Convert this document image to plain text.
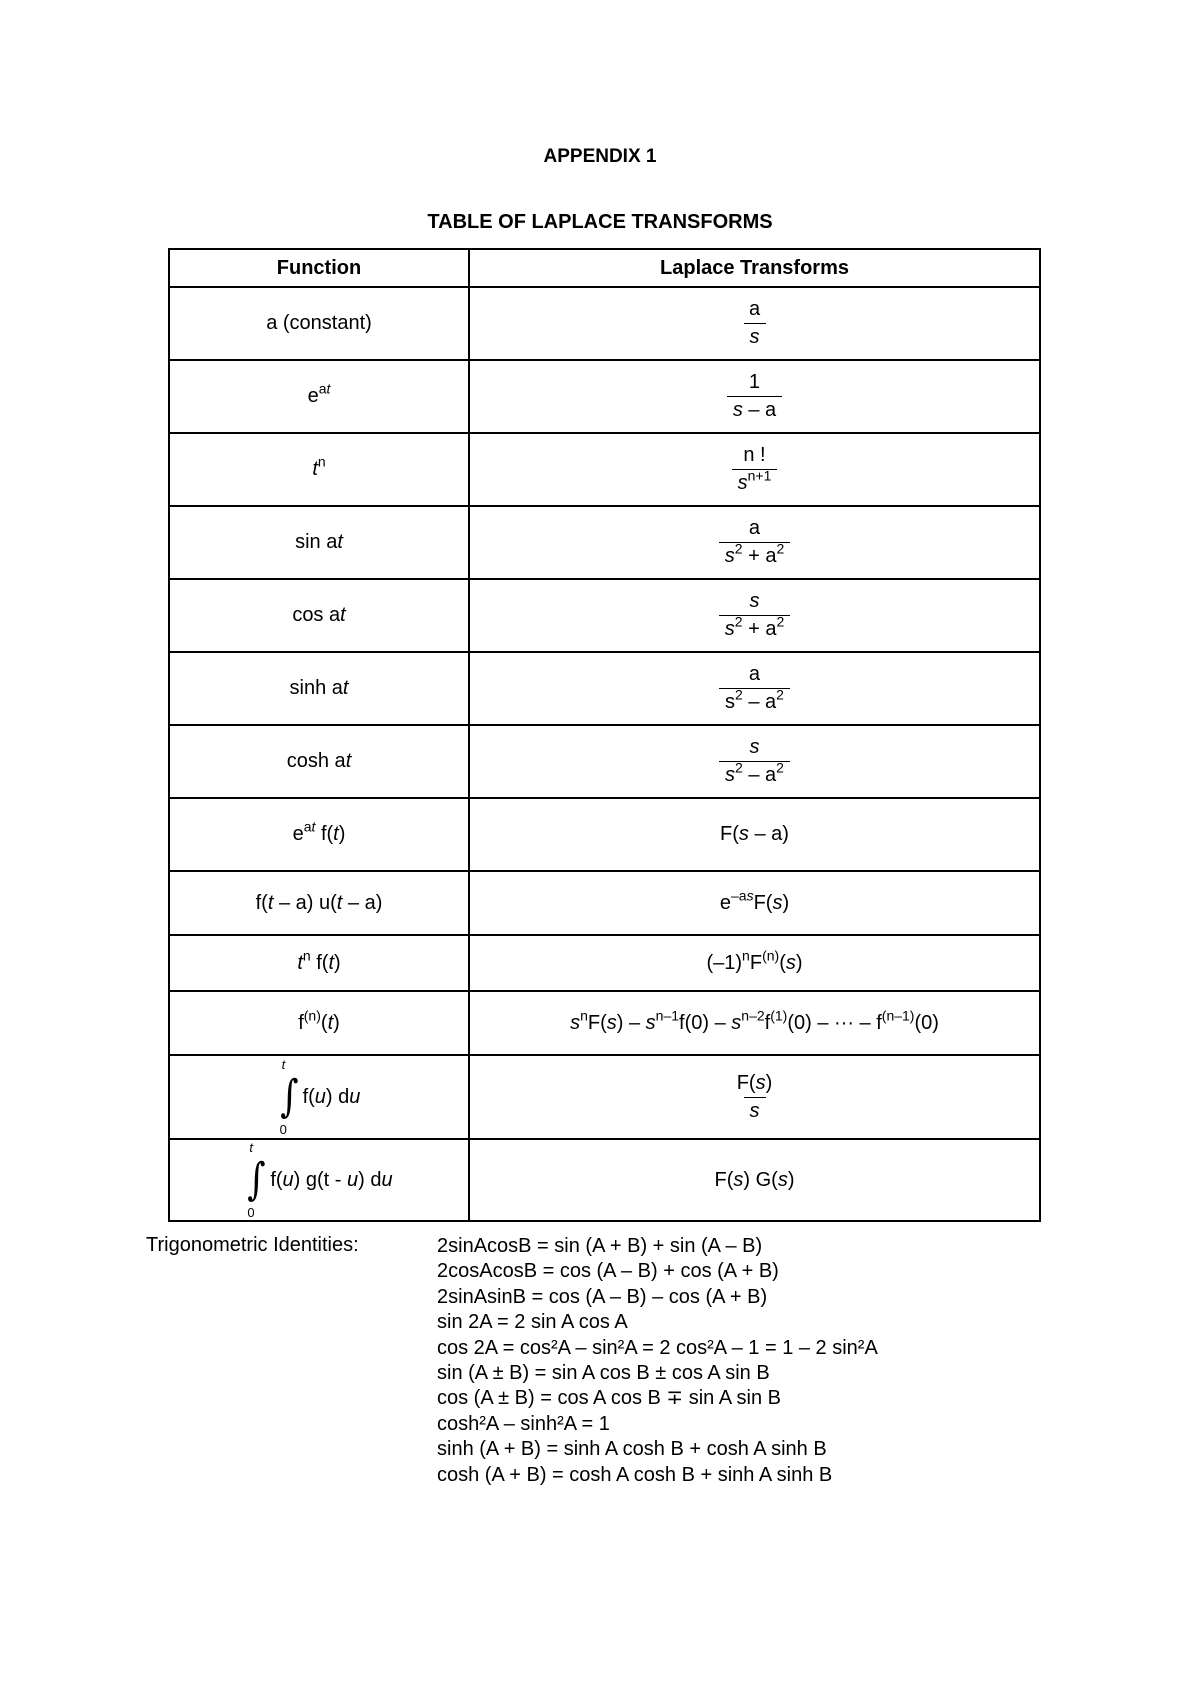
APPENDIX 1
TABLE OF LAPLACE TRANSFORMS
Function	Laplace Transforms
a (constant)	$\frac{a}{s}$

$e^{at}$	$\frac{1}{s - a}$

$t^n$	$\frac{n !}{s^{n+1}}$

sin at	$\frac{a}{s^2 + a^2}$

cos at	$\frac{s}{s^2 + a^2}$

sinh at	$\frac{a}{s^2 - a^2}$

cosh at	$\frac{s}{s^2 - a^2}$

$e^{at}$ f(t)	F(s – a)
f(t – a) u(t – a)	$e^{-as}F(s)$
$t^n$ f(t)	$(-1)^nF^{(n)}(s)$
$f^{(n)}(t)$	$s^nF(s) - s^{n-1}f(0) - s^{n-2}f^{(1)}(0)$ – ··· – $f^{(n-1)}(0)$

t
∫
0
f(u) du	$\frac{F(s)}{s}$

t
∫
0
f(u) g(t - u) du	F(s) G(s)
Trigonometric Identities:	2sinAcosB = sin (A + B) + sin (A – B)
2cosAcosB = cos (A – B) + cos (A + B)
2sinAsinB = cos (A – B) – cos (A + B)
sin 2A = 2 sin A cos A
cos 2A = cos²A – sin²A = 2 cos²A – 1 = 1 – 2 sin²A
sin (A ± B) = sin A cos B ± cos A sin B
cos (A ± B) = cos A cos B ∓ sin A sin B
cosh²A – sinh²A = 1
sinh (A + B) = sinh A cosh B + cosh A sinh B
cosh (A + B) = cosh A cosh B + sinh A sinh B
